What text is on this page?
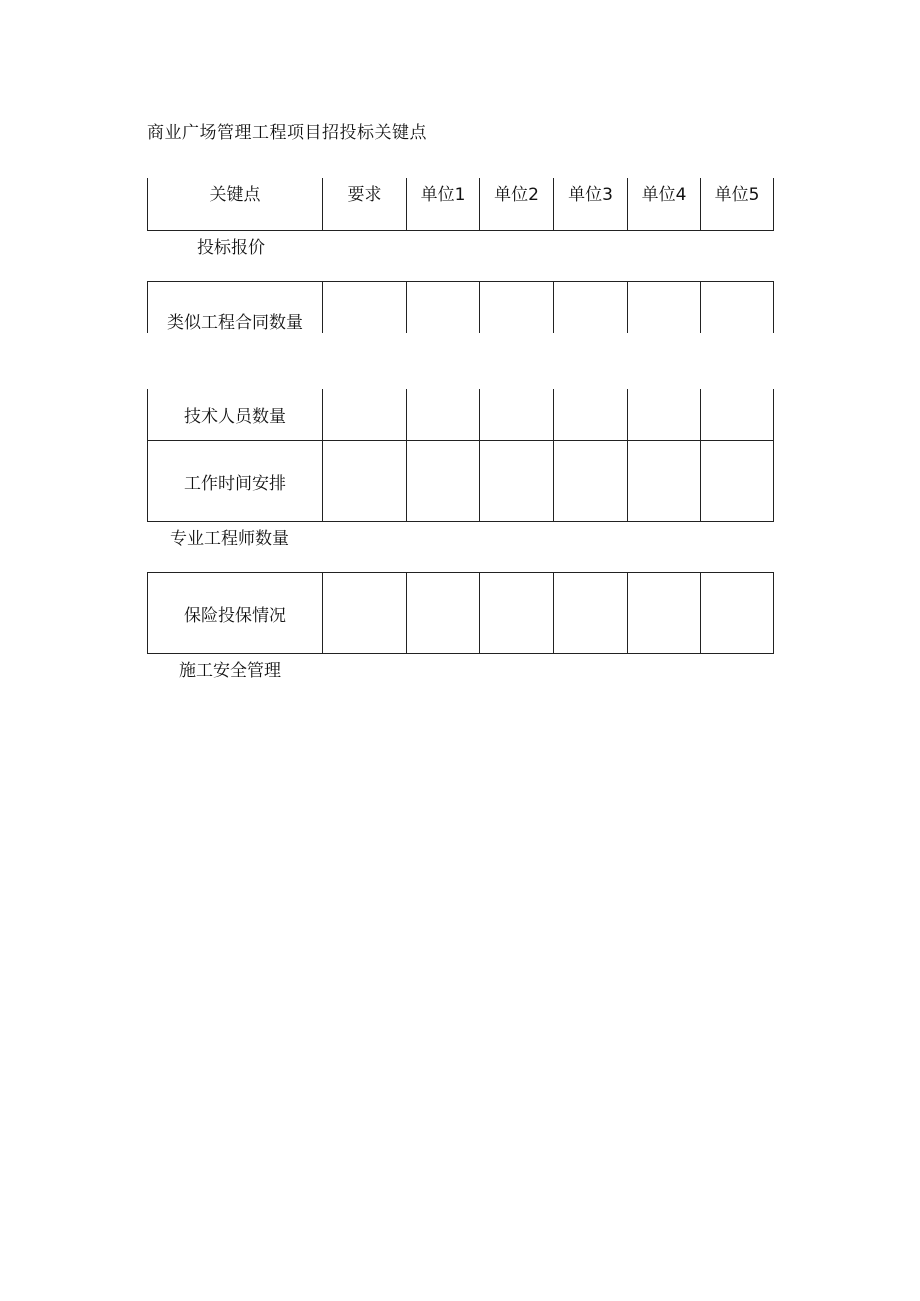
商业广场管理工程项目招投标关键点
关键点	要求	单位1	单位2	单位3	单位4	单位5
投标报价
类似工程合同数量
技术人员数量
工作时间安排
专业工程师数量
保险投保情况
施工安全管理
